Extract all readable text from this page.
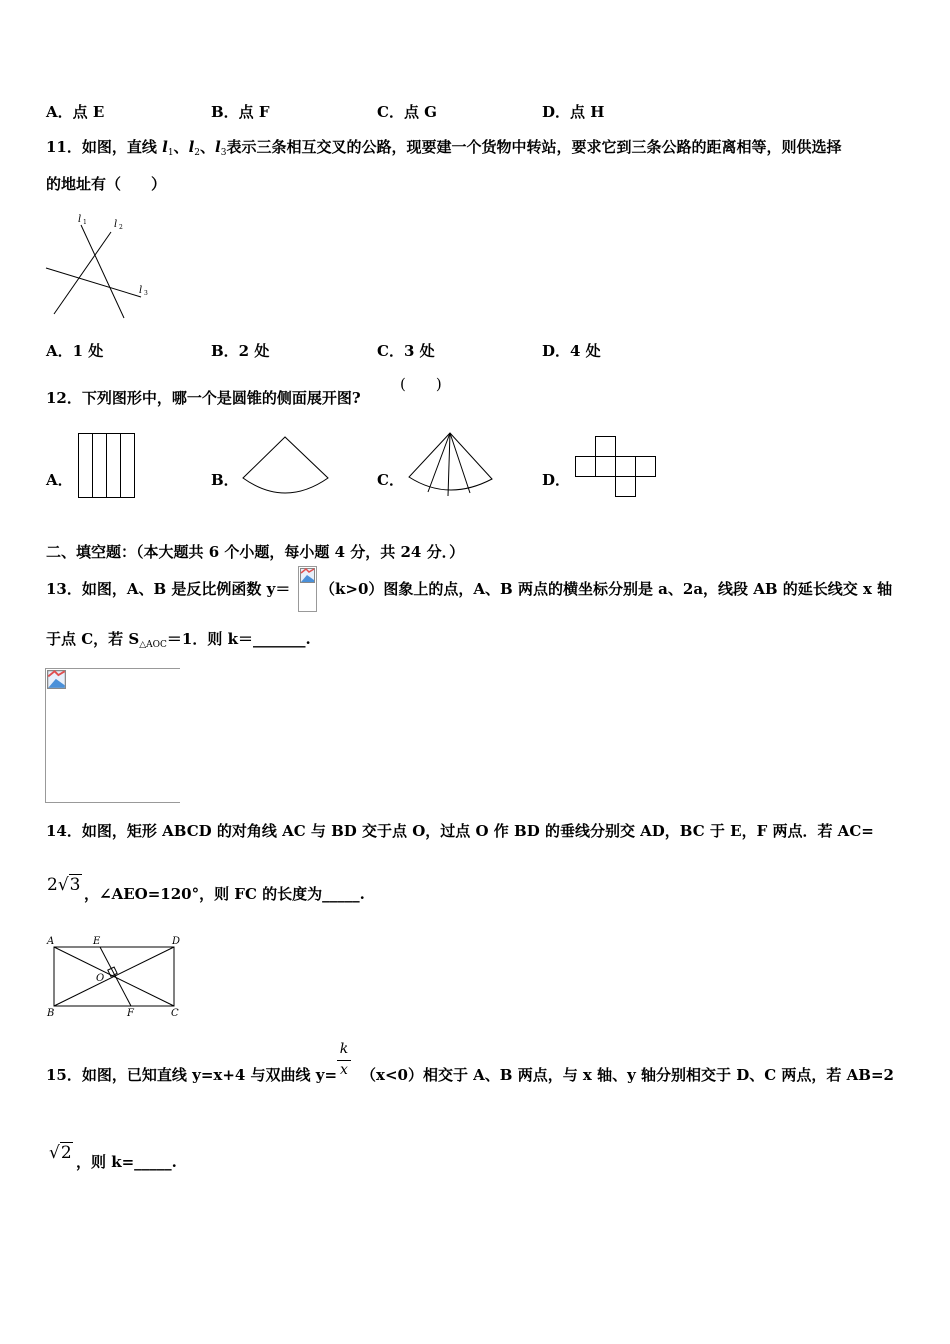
A．点 E	B．点 F	C．点 G	D．点 H
11．如图，直线 $l_1$、$l_2$、$l_3$表示三条相互交叉的公路，现要建一个货物中转站，要求它到三条公路的距离相等，则供选择
的地址有（　　）
l	l
l
1
2
3
A．1 处	B．2 处	C．3 处	D．4 处
12．下列图形中，哪一个是圆锥的侧面展开图?
(　　)
A．	B．	C．	D．
二、填空题：（本大题共 6 个小题，每小题 4 分，共 24 分．）
13．如图，A、B 是反比例函数 y＝ （k>0）图象上的点，A、B 两点的横坐标分别是 a、2a，线段 AB 的延长线交 x 轴
于点 C，若 $S_{\triangle AOC}=1$．则 k＝_______.
14．如图，矩形 ABCD 的对角线 AC 与 BD 交于点 O，过点 O 作 BD 的垂线分别交 AD，BC 于 E，F 两点．若 AC=
2√3 ，∠AEO=120°，则 FC 的长度为_____.
A	E	D
O
B	F	C
15．如图，已知直线 y=x+4 与双曲线 y=
k
x （x<0）相交于 A、B 两点，与 x 轴、y 轴分别相交于 D、C 两点，若 AB=2
√2 ，则 k=_____.
